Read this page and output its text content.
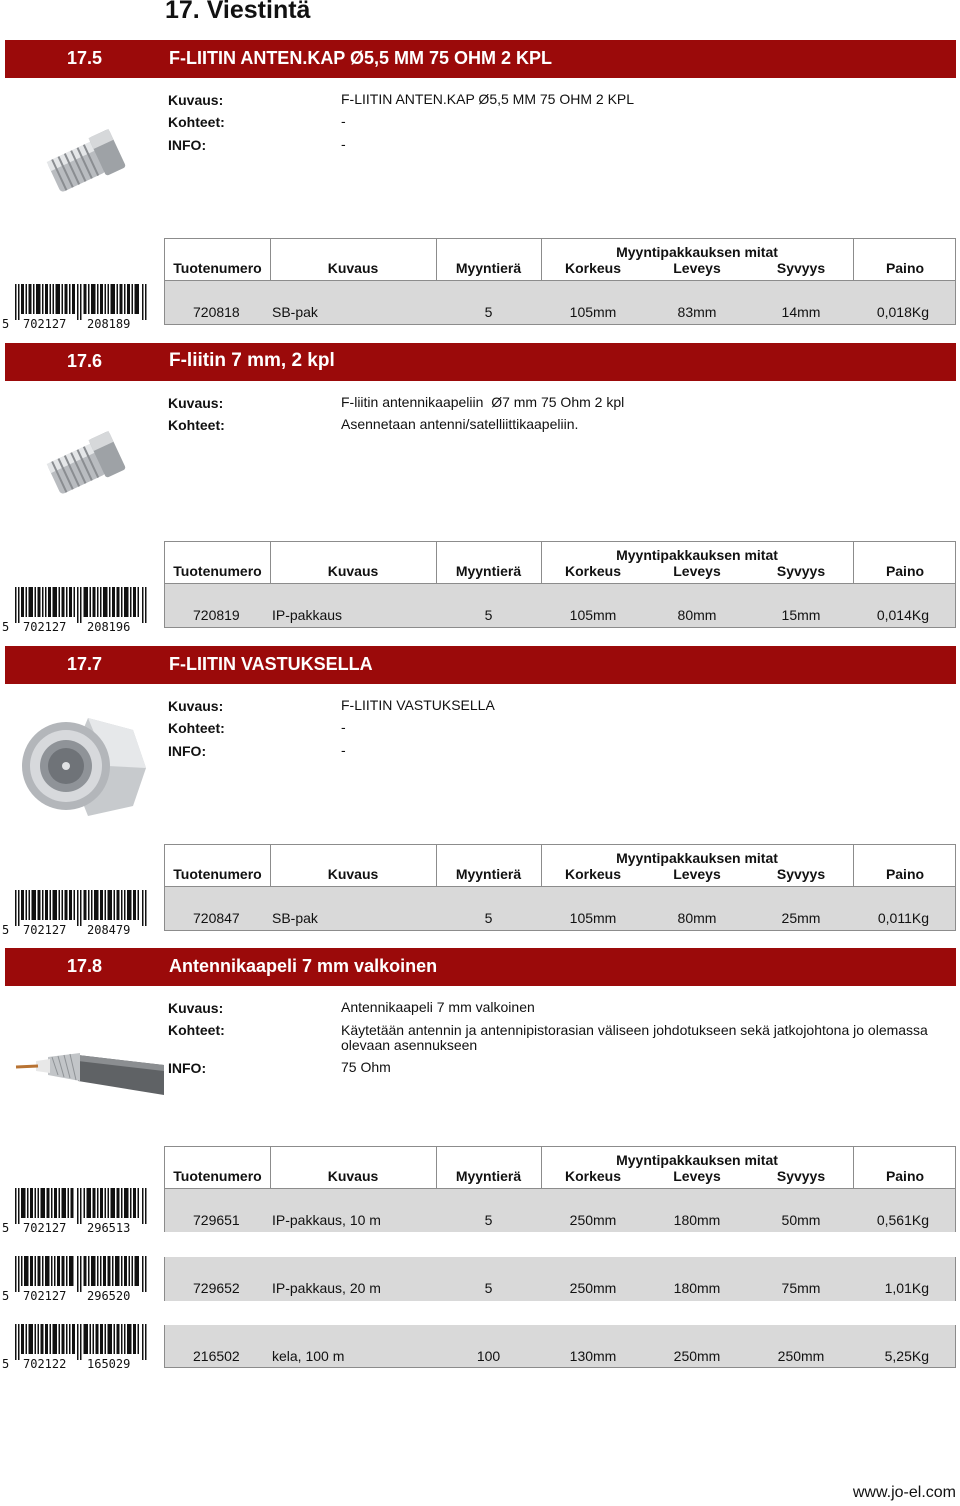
17. Viestintä
17.5	F-LIITIN ANTEN.KAP Ø5,5 MM 75 OHM 2 KPL
Kuvaus:	F-LIITIN ANTEN.KAP Ø5,5 MM 75 OHM 2 KPL
Kohteet:	-
INFO:	-
Myyntipakkauksen mitat
Tuotenumero	Kuvaus	Myyntierä	Korkeus	Leveys	Syvyys	Paino
720818 SB-pak	5	105mm	83mm	14mm	0,018Kg
5 702127 208189
17.6	F-liitin 7 mm, 2 kpl
Kuvaus:	F-liitin antennikaapeliin  Ø7 mm 75 Ohm 2 kpl
Kohteet:	Asennetaan antenni/satelliittikaapeliin.
Myyntipakkauksen mitat
Tuotenumero	Kuvaus	Myyntierä	Korkeus	Leveys	Syvyys	Paino
720819 IP-pakkaus	5	105mm	80mm	15mm	0,014Kg
5 702127 208196
17.7	F-LIITIN VASTUKSELLA
Kuvaus:	F-LIITIN VASTUKSELLA
Kohteet:	-
INFO:	-
Myyntipakkauksen mitat
Tuotenumero	Kuvaus	Myyntierä	Korkeus	Leveys	Syvyys	Paino
720847 SB-pak	5	105mm	80mm	25mm	0,011Kg
5 702127 208479
17.8	Antennikaapeli 7 mm valkoinen
Kuvaus:	Antennikaapeli 7 mm valkoinen
Kohteet:	Käytetään antennin ja antennipistorasian väliseen johdotukseen sekä jatkojohtona jo olemassa olevaan asennukseen
INFO:	75 Ohm
Myyntipakkauksen mitat
Tuotenumero	Kuvaus	Myyntierä	Korkeus	Leveys	Syvyys	Paino
729651 IP-pakkaus, 10 m	5	250mm	180mm	50mm	0,561Kg
729652 IP-pakkaus, 20 m	5	250mm	180mm	75mm	1,01Kg
216502 kela, 100 m	100	130mm	250mm	250mm	5,25Kg
5 702127 296513
5 702127 296520
5 702122 165029
www.jo-el.com
